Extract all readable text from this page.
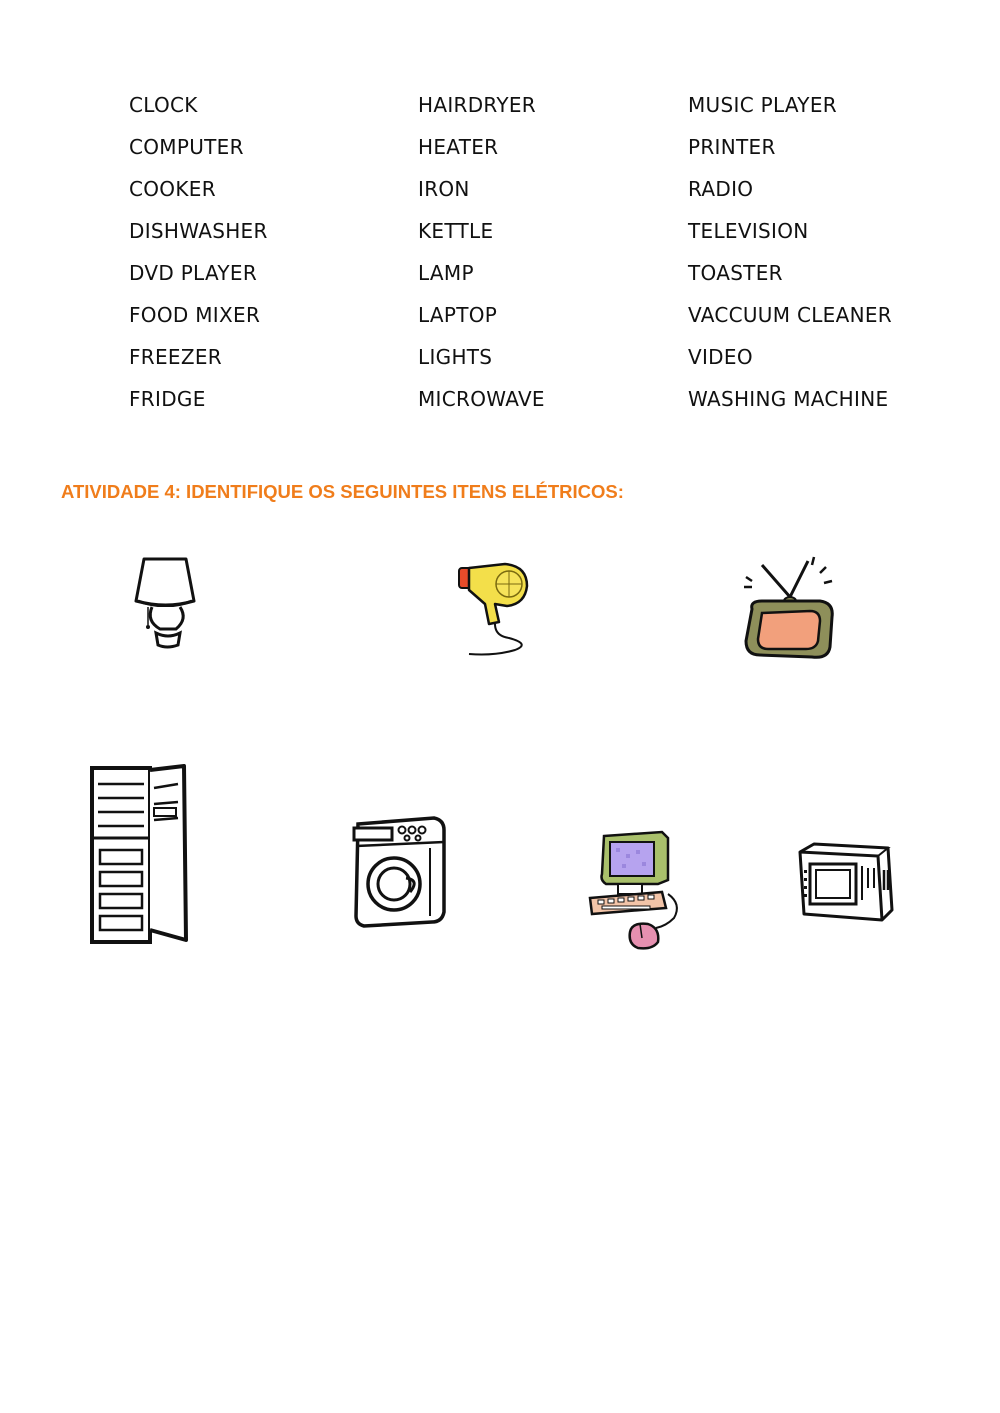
CLOCK
COMPUTER
COOKER
DISHWASHER
DVD PLAYER
FOOD MIXER
FREEZER
FRIDGE
HAIRDRYER
HEATER
IRON
KETTLE
LAMP
LAPTOP
LIGHTS
MICROWAVE
MUSIC PLAYER
PRINTER
RADIO
TELEVISION
TOASTER
VACCUUM CLEANER
VIDEO
WASHING MACHINE
ATIVIDADE 4: IDENTIFIQUE OS SEGUINTES ITENS ELÉTRICOS:
